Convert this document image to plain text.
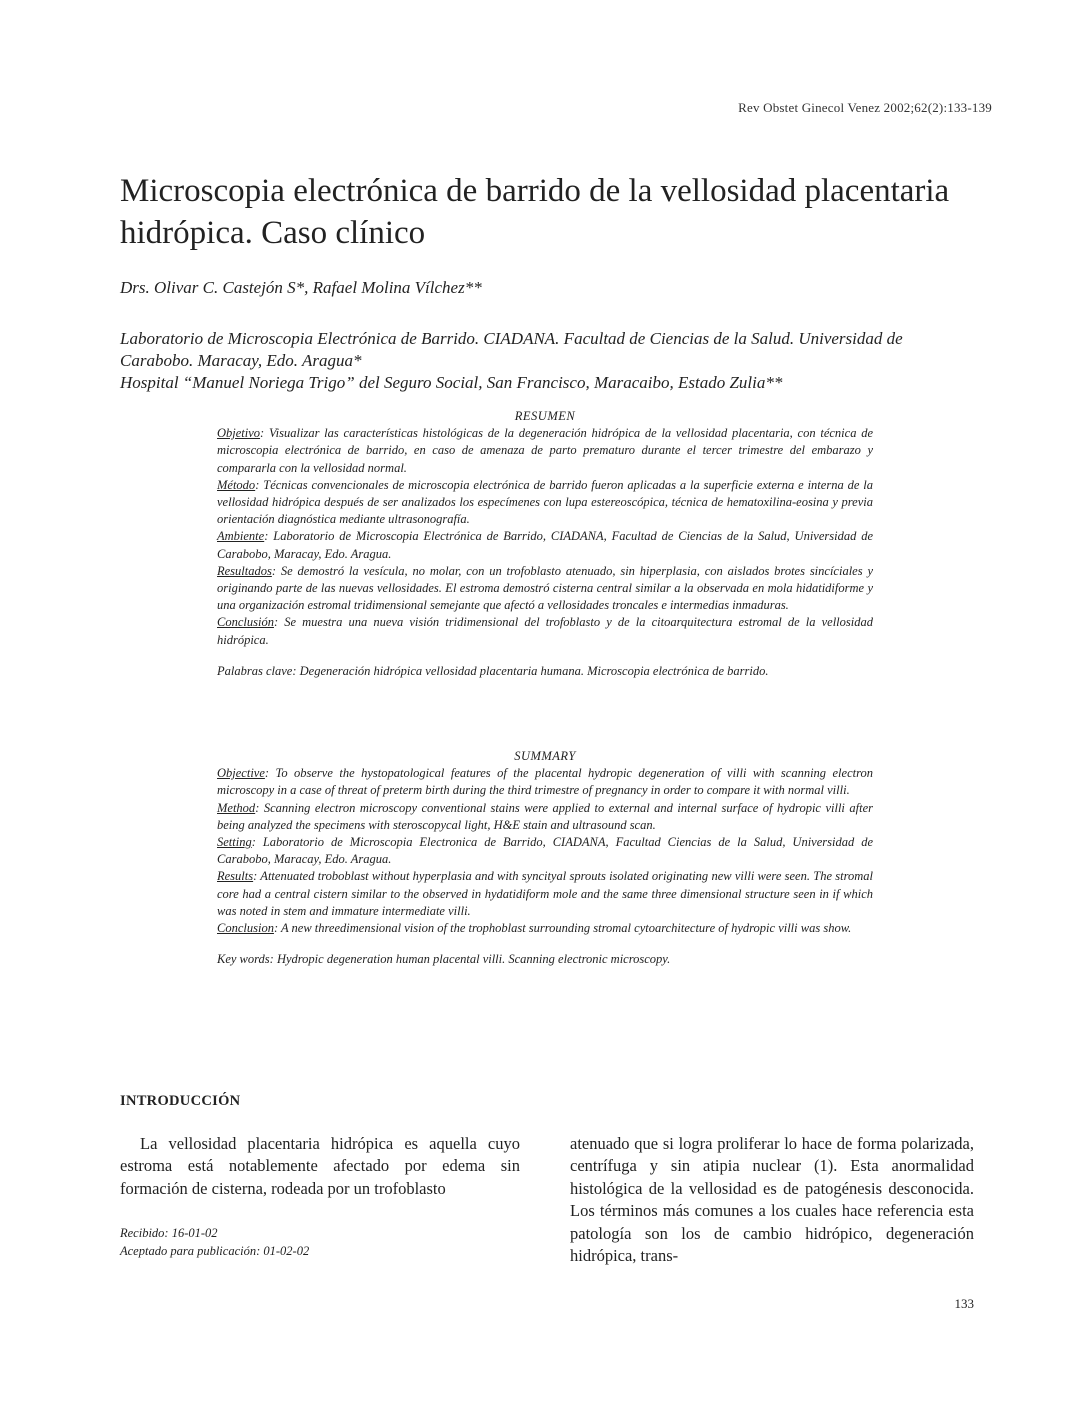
Rev Obstet Ginecol Venez 2002;62(2):133-139
Microscopia electrónica de barrido de la vellosidad placentaria
hidrópica. Caso clínico
Drs. Olivar C. Castejón S*, Rafael Molina Vílchez**

Laboratorio de Microscopia Electrónica de Barrido. CIADANA. Facultad de Ciencias de la Salud. Universidad de Carabobo. Maracay, Edo. Aragua*

Hospital “Manuel Noriega Trigo” del Seguro Social, San Francisco, Maracaibo, Estado Zulia**

RESUMEN

Objetivo: Visualizar las características histológicas de la degeneración hidrópica de la vellosidad placentaria, con técnica de microscopia electrónica de barrido, en caso de amenaza de parto prematuro durante el tercer trimestre del embarazo y compararla con la vellosidad normal.

Método: Técnicas convencionales de microscopia electrónica de barrido fueron aplicadas a la superficie externa e interna de la vellosidad hidrópica después de ser analizados los especímenes con lupa estereoscópica, técnica de hematoxilina-eosina y previa orientación diagnóstica mediante ultrasonografía.

Ambiente: Laboratorio de Microscopia Electrónica de Barrido, CIADANA, Facultad de Ciencias de la Salud, Universidad de Carabobo, Maracay, Edo. Aragua.

Resultados: Se demostró la vesícula, no molar, con un trofoblasto atenuado, sin hiperplasia, con aislados brotes sincíciales y originando parte de las nuevas vellosidades. El estroma demostró cisterna central similar a la observada en mola hidatidiforme y una organización estromal tridimensional semejante que afectó a vellosidades troncales e intermedias inmaduras.

Conclusión: Se muestra una nueva visión tridimensional del trofoblasto y de la citoarquitectura estromal de la vellosidad hidrópica.

Palabras clave: Degeneración hidrópica vellosidad placentaria humana. Microscopia electrónica de barrido.

SUMMARY

Objective: To observe the hystopatological features of the placental hydropic degeneration of villi with scanning electron microscopy in a case of threat of preterm birth during the third trimestre of pregnancy in order to compare it with normal villi.

Method: Scanning electron microscopy conventional stains were applied to external and internal surface of hydropic villi after being analyzed the specimens with steroscopycal light, H&E stain and ultrasound scan.

Setting: Laboratorio de Microscopia Electronica de Barrido, CIADANA, Facultad Ciencias de la Salud, Universidad de Carabobo, Maracay, Edo. Aragua.

Results: Attenuated troboblast without hyperplasia and with syncityal sprouts isolated originating new villi were seen. The stromal core had a central cistern similar to the observed in hydatidiform mole and the same three dimensional structure seen in if which was noted in stem and immature intermediate villi.

Conclusion: A new threedimensional vision of the trophoblast surrounding stromal cytoarchitecture of hydropic villi was show.

Key words: Hydropic degeneration human placental villi. Scanning electronic microscopy.

INTRODUCCIÓN

La vellosidad placentaria hidrópica es aquella cuyo estroma está notablemente afectado por edema sin formación de cisterna, rodeada por un trofoblasto

atenuado que si logra proliferar lo hace de forma polarizada, centrífuga y sin atipia nuclear (1). Esta anormalidad histológica de la vellosidad es de patogénesis desconocida. Los términos más comunes a los cuales hace referencia esta patología son los de cambio hidrópico, degeneración hidrópica, trans-

Recibido: 16-01-02

Aceptado para publicación: 01-02-02

133
